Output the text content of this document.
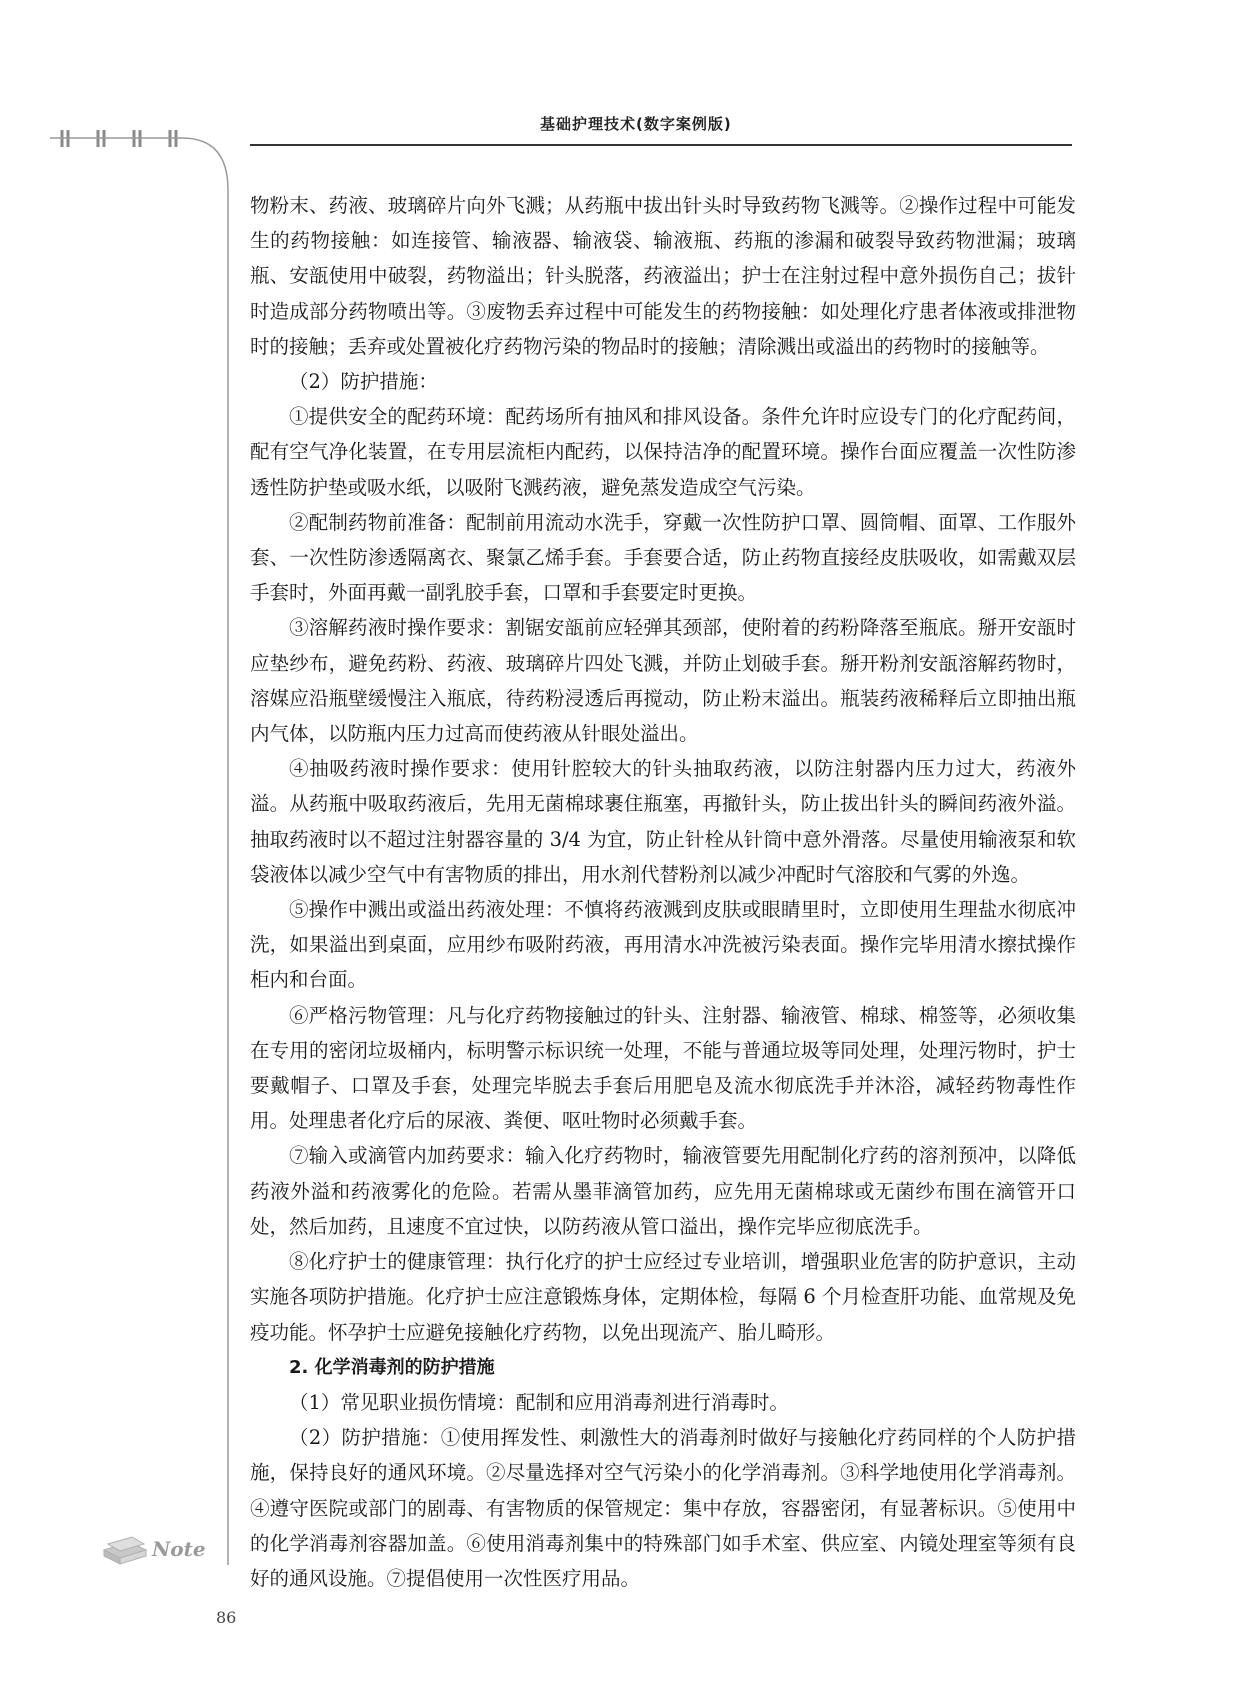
基础护理技术(数字案例版)

物粉末、药液、玻璃碎片向外飞溅；从药瓶中拔出针头时导致药物飞溅等。②操作过程中可能发生的药物接触：如连接管、输液器、输液袋、输液瓶、药瓶的渗漏和破裂导致药物泄漏；玻璃瓶、安瓿使用中破裂，药物溢出；针头脱落，药液溢出；护士在注射过程中意外损伤自己；拔针时造成部分药物喷出等。③废物丢弃过程中可能发生的药物接触：如处理化疗患者体液或排泄物时的接触；丢弃或处置被化疗药物污染的物品时的接触；清除溅出或溢出的药物时的接触等。

（2）防护措施：

①提供安全的配药环境：配药场所有抽风和排风设备。条件允许时应设专门的化疗配药间，配有空气净化装置，在专用层流柜内配药，以保持洁净的配置环境。操作台面应覆盖一次性防渗透性防护垫或吸水纸，以吸附飞溅药液，避免蒸发造成空气污染。

②配制药物前准备：配制前用流动水洗手，穿戴一次性防护口罩、圆筒帽、面罩、工作服外套、一次性防渗透隔离衣、聚氯乙烯手套。手套要合适，防止药物直接经皮肤吸收，如需戴双层手套时，外面再戴一副乳胶手套，口罩和手套要定时更换。

③溶解药液时操作要求：割锯安瓿前应轻弹其颈部，使附着的药粉降落至瓶底。掰开安瓿时应垫纱布，避免药粉、药液、玻璃碎片四处飞溅，并防止划破手套。掰开粉剂安瓿溶解药物时，溶媒应沿瓶壁缓慢注入瓶底，待药粉浸透后再搅动，防止粉末溢出。瓶装药液稀释后立即抽出瓶内气体，以防瓶内压力过高而使药液从针眼处溢出。

④抽吸药液时操作要求：使用针腔较大的针头抽取药液，以防注射器内压力过大，药液外溢。从药瓶中吸取药液后，先用无菌棉球裹住瓶塞，再撤针头，防止拔出针头的瞬间药液外溢。抽取药液时以不超过注射器容量的 3/4 为宜，防止针栓从针筒中意外滑落。尽量使用输液泵和软袋液体以减少空气中有害物质的排出，用水剂代替粉剂以减少冲配时气溶胶和气雾的外逸。

⑤操作中溅出或溢出药液处理：不慎将药液溅到皮肤或眼睛里时，立即使用生理盐水彻底冲洗，如果溢出到桌面，应用纱布吸附药液，再用清水冲洗被污染表面。操作完毕用清水擦拭操作柜内和台面。

⑥严格污物管理：凡与化疗药物接触过的针头、注射器、输液管、棉球、棉签等，必须收集在专用的密闭垃圾桶内，标明警示标识统一处理，不能与普通垃圾等同处理，处理污物时，护士要戴帽子、口罩及手套，处理完毕脱去手套后用肥皂及流水彻底洗手并沐浴，减轻药物毒性作用。处理患者化疗后的尿液、粪便、呕吐物时必须戴手套。

⑦输入或滴管内加药要求：输入化疗药物时，输液管要先用配制化疗药的溶剂预冲，以降低药液外溢和药液雾化的危险。若需从墨菲滴管加药，应先用无菌棉球或无菌纱布围在滴管开口处，然后加药，且速度不宜过快，以防药液从管口溢出，操作完毕应彻底洗手。

⑧化疗护士的健康管理：执行化疗的护士应经过专业培训，增强职业危害的防护意识，主动实施各项防护措施。化疗护士应注意锻炼身体，定期体检，每隔 6 个月检查肝功能、血常规及免疫功能。怀孕护士应避免接触化疗药物，以免出现流产、胎儿畸形。

2. 化学消毒剂的防护措施

（1）常见职业损伤情境：配制和应用消毒剂进行消毒时。

（2）防护措施：①使用挥发性、刺激性大的消毒剂时做好与接触化疗药同样的个人防护措施，保持良好的通风环境。②尽量选择对空气污染小的化学消毒剂。③科学地使用化学消毒剂。④遵守医院或部门的剧毒、有害物质的保管规定：集中存放，容器密闭，有显著标识。⑤使用中的化学消毒剂容器加盖。⑥使用消毒剂集中的特殊部门如手术室、供应室、内镜处理室等须有良好的通风设施。⑦提倡使用一次性医疗用品。

Note
86
